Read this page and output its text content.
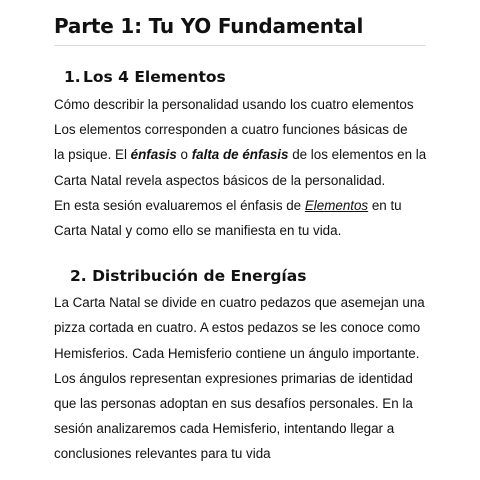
Parte 1: Tu YO Fundamental
1. Los 4 Elementos

Cómo describir la personalidad usando los cuatro elementos
Los elementos corresponden a cuatro funciones básicas de
la psique. El énfasis o falta de énfasis de los elementos en la
Carta Natal revela aspectos básicos de la personalidad.
En esta sesión evaluaremos el énfasis de Elementos en tu
Carta Natal y como ello se manifiesta en tu vida.

2. Distribución de Energías

La Carta Natal se divide en cuatro pedazos que asemejan una
pizza cortada en cuatro. A estos pedazos se les conoce como
Hemisferios. Cada Hemisferio contiene un ángulo importante.
Los ángulos representan expresiones primarias de identidad
que las personas adoptan en sus desafíos personales. En la
sesión analizaremos cada Hemisferio, intentando llegar a
conclusiones relevantes para tu vida
